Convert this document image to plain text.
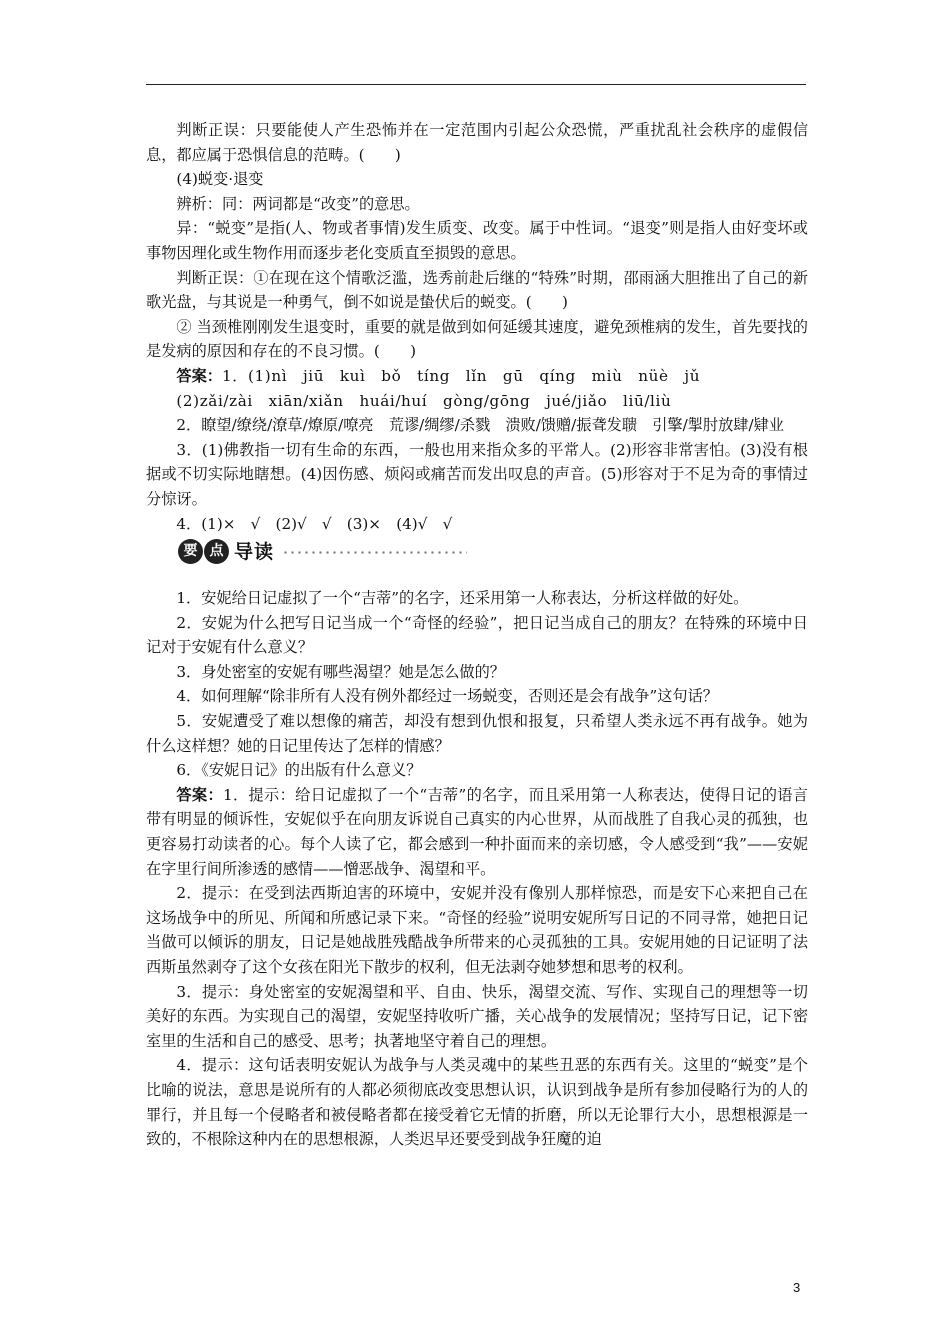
判断正误：只要能使人产生恐怖并在一定范围内引起公众恐慌，严重扰乱社会秩序的虚假信息，都应属于恐惧信息的范畴。(　　)

(4)蜕变·退变

辨析：同：两词都是“改变”的意思。

异：“蜕变”是指(人、物或者事情)发生质变、改变。属于中性词。“退变”则是指人由好变坏或事物因理化或生物作用而逐步老化变质直至损毁的意思。

判断正误：①在现在这个情歌泛滥，选秀前赴后继的“特殊”时期，邵雨涵大胆推出了自己的新歌光盘，与其说是一种勇气，倒不如说是蛰伏后的蜕变。(　　)

② 当颈椎刚刚发生退变时，重要的就是做到如何延缓其速度，避免颈椎病的发生，首先要找的是发病的原因和存在的不良习惯。(　　)

答案：1．(1)nì　jiū　kuì　bǒ　tíng　lǐn　gū　qíng　miù　nüè　jǔ

(2)zǎi/zài　xiān/xiǎn　huái/huí　gòng/gōng　jué/jiǎo　liū/liù

2．瞭望/缭绕/潦草/燎原/嘹亮　荒谬/绸缪/杀戮　溃败/馈赠/振聋发聩　引擎/掣肘放肆/肄业

3．(1)佛教指一切有生命的东西，一般也用来指众多的平常人。(2)形容非常害怕。(3)没有根据或不切实际地瞎想。(4)因伤感、烦闷或痛苦而发出叹息的声音。(5)形容对于不足为奇的事情过分惊讶。

4．(1)×　√　(2)√　√　(3)×　(4)√　√

要 点 导读

1．安妮给日记虚拟了一个“吉蒂”的名字，还采用第一人称表达，分析这样做的好处。

2．安妮为什么把写日记当成一个“奇怪的经验”，把日记当成自己的朋友？在特殊的环境中日记对于安妮有什么意义？

3．身处密室的安妮有哪些渴望？她是怎么做的？

4．如何理解“除非所有人没有例外都经过一场蜕变，否则还是会有战争”这句话？

5．安妮遭受了难以想像的痛苦，却没有想到仇恨和报复，只希望人类永远不再有战争。她为什么这样想？她的日记里传达了怎样的情感？

6．《安妮日记》的出版有什么意义？

答案：1．提示：给日记虚拟了一个“吉蒂”的名字，而且采用第一人称表达，使得日记的语言带有明显的倾诉性，安妮似乎在向朋友诉说自己真实的内心世界，从而战胜了自我心灵的孤独，也更容易打动读者的心。每个人读了它，都会感到一种扑面而来的亲切感，令人感受到“我”——安妮在字里行间所渗透的感情——憎恶战争、渴望和平。

2．提示：在受到法西斯迫害的环境中，安妮并没有像别人那样惊恐，而是安下心来把自己在这场战争中的所见、所闻和所感记录下来。“奇怪的经验”说明安妮所写日记的不同寻常，她把日记当做可以倾诉的朋友，日记是她战胜残酷战争所带来的心灵孤独的工具。安妮用她的日记证明了法西斯虽然剥夺了这个女孩在阳光下散步的权利，但无法剥夺她梦想和思考的权利。

3．提示：身处密室的安妮渴望和平、自由、快乐，渴望交流、写作、实现自己的理想等一切美好的东西。为实现自己的渴望，安妮坚持收听广播，关心战争的发展情况；坚持写日记，记下密室里的生活和自己的感受、思考；执著地坚守着自己的理想。

4．提示：这句话表明安妮认为战争与人类灵魂中的某些丑恶的东西有关。这里的“蜕变”是个比喻的说法，意思是说所有的人都必须彻底改变思想认识，认识到战争是所有参加侵略行为的人的罪行，并且每一个侵略者和被侵略者都在接受着它无情的折磨，所以无论罪行大小，思想根源是一致的，不根除这种内在的思想根源，人类迟早还要受到战争狂魔的迫

3
